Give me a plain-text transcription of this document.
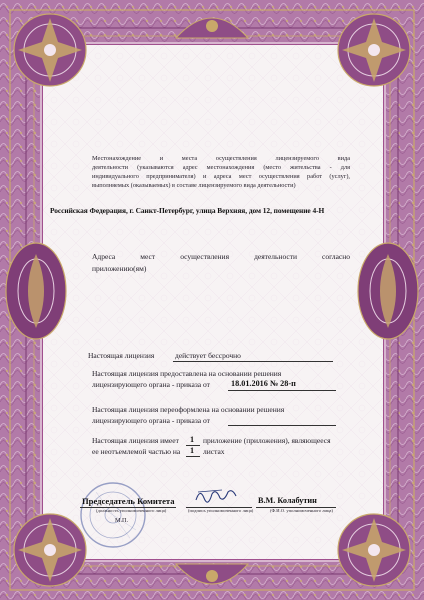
Местонахождение и места осуществления лицензируемого вида
деятельности (указываются адрес местонахождения (место жительства - для
индивидуального предпринимателя) и адреса мест осуществления работ (услуг),
выполняемых (оказываемых) в составе лицензируемого вида деятельности)
Российская Федерация, г. Санкт-Петербург, улица Верхняя, дом 12, помещение 4-Н
Адреса мест осуществления деятельности согласно
приложению(ям)
Настоящая лицензия	действует бессрочно
Настоящая лицензия предоставлена на основании решения
лицензирующего органа - приказа от	18.01.2016 № 28-п
Настоящая лицензия переоформлена на основании решения
лицензирующего органа - приказа от
Настоящая лицензия имеет 1 приложение (приложения), являющееся
ее неотъемлемой частью на 1 листах
Председатель Комитета
(должность уполномоченного лица)	(подпись уполномоченного лица)
В.М. Колабутин
(Ф.И.О. уполномоченного лица)
М.П.
